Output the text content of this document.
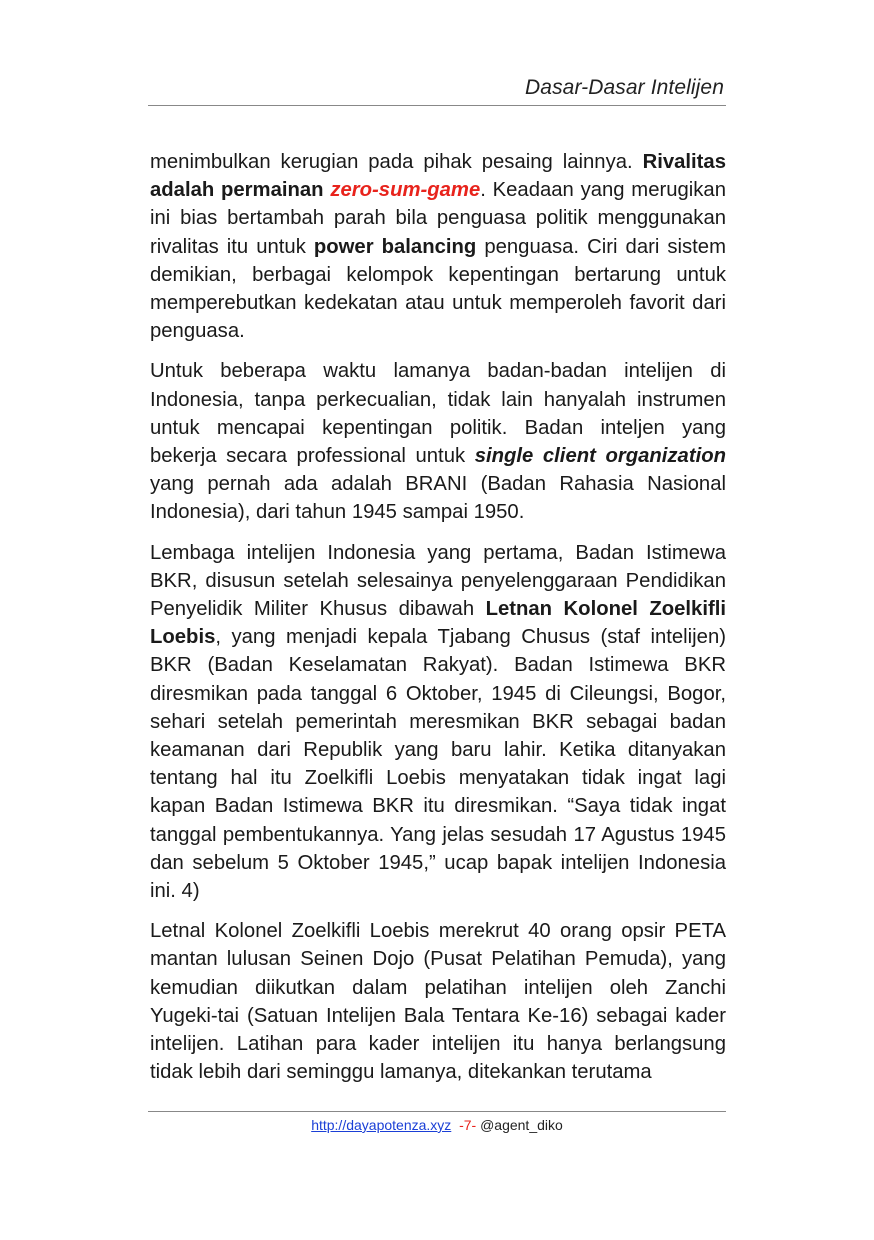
Dasar-Dasar Intelijen

menimbulkan kerugian pada pihak pesaing lainnya. Rivalitas adalah permainan zero-sum-game. Keadaan yang merugikan ini bias bertambah parah bila penguasa politik menggunakan rivalitas itu untuk power balancing penguasa. Ciri dari sistem demikian, berbagai kelompok kepentingan bertarung untuk memperebutkan kedekatan atau untuk memperoleh favorit dari penguasa.

Untuk beberapa waktu lamanya badan-badan intelijen di Indonesia, tanpa perkecualian, tidak lain hanyalah instrumen untuk mencapai kepentingan politik. Badan inteljen yang bekerja secara professional untuk single client organization yang pernah ada adalah BRANI (Badan Rahasia Nasional Indonesia), dari tahun 1945 sampai 1950.

Lembaga intelijen Indonesia yang pertama, Badan Istimewa BKR, disusun setelah selesainya penyelenggaraan Pendidikan Penyelidik Militer Khusus dibawah Letnan Kolonel Zoelkifli Loebis, yang menjadi kepala Tjabang Chusus (staf intelijen) BKR (Badan Keselamatan Rakyat). Badan Istimewa BKR diresmikan pada tanggal 6 Oktober, 1945 di Cileungsi, Bogor, sehari setelah pemerintah meresmikan BKR sebagai badan keamanan dari Republik yang baru lahir. Ketika ditanyakan tentang hal itu Zoelkifli Loebis menyatakan tidak ingat lagi kapan Badan Istimewa BKR itu diresmikan. “Saya tidak ingat tanggal pembentukannya. Yang jelas sesudah 17 Agustus 1945 dan sebelum 5 Oktober 1945,” ucap bapak intelijen Indonesia ini. 4)

Letnal Kolonel Zoelkifli Loebis merekrut 40 orang opsir PETA mantan lulusan Seinen Dojo (Pusat Pelatihan Pemuda), yang kemudian diikutkan dalam pelatihan intelijen oleh Zanchi Yugeki-tai (Satuan Intelijen Bala Tentara Ke-16) sebagai kader intelijen. Latihan para kader intelijen itu hanya berlangsung tidak lebih dari seminggu lamanya, ditekankan terutama

http://dayapotenza.xyz -7- @agent_diko
